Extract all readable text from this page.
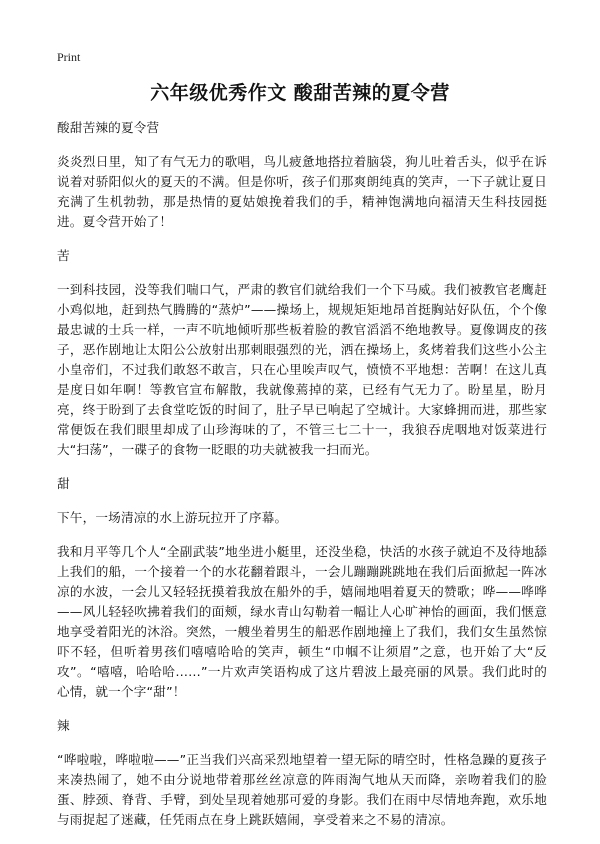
Print
六年级优秀作文 酸甜苦辣的夏令营

酸甜苦辣的夏令营

炎炎烈日里，知了有气无力的歌唱，鸟儿疲惫地搭拉着脑袋，狗儿吐着舌头，似乎在诉说着对骄阳似火的夏天的不满。但是你听，孩子们那爽朗纯真的笑声，一下子就让夏日充满了生机勃勃，那是热情的夏姑娘挽着我们的手，精神饱满地向福清天生科技园挺进。夏令营开始了！

苦

一到科技园，没等我们喘口气，严肃的教官们就给我们一个下马威。我们被教官老鹰赶小鸡似地，赶到热气腾腾的“蒸炉”——操场上，规规矩矩地昂首挺胸站好队伍，个个像最忠诚的士兵一样，一声不吭地倾听那些板着脸的教官滔滔不绝地教导。夏像调皮的孩子，恶作剧地让太阳公公放射出那刺眼强烈的光，洒在操场上，炙烤着我们这些小公主小皇帝们，不过我们敢怒不敢言，只在心里唉声叹气，愤愤不平地想：苦啊！在这儿真是度日如年啊！等教官宣布解散，我就像蔫掉的菜，已经有气无力了。盼星星，盼月亮，终于盼到了去食堂吃饭的时间了，肚子早已响起了空城计。大家蜂拥而进，那些家常便饭在我们眼里却成了山珍海味的了，不管三七二十一，我狼吞虎咽地对饭菜进行大“扫荡”，一碟子的食物一眨眼的功夫就被我一扫而光。

甜

下午，一场清凉的水上游玩拉开了序幕。

我和月平等几个人“全副武装”地坐进小艇里，还没坐稳，快活的水孩子就迫不及待地舔上我们的船，一个接着一个的水花翻着跟斗，一会儿蹦蹦跳跳地在我们后面掀起一阵冰凉的水波，一会儿又轻轻抚摸着我放在船外的手，嬉闹地唱着夏天的赞歌；哗——哗哗——风儿轻轻吹拂着我们的面颊，绿水青山勾勒着一幅让人心旷神怡的画面，我们惬意地享受着阳光的沐浴。突然，一艘坐着男生的船恶作剧地撞上了我们，我们女生虽然惊吓不轻，但听着男孩们嘻嘻哈哈的笑声，顿生“巾帼不让须眉”之意，也开始了大“反攻”。“嘻嘻，哈哈哈……”一片欢声笑语构成了这片碧波上最亮丽的风景。我们此时的心情，就一个字“甜”！

辣

“哗啦啦，哗啦啦——”正当我们兴高采烈地望着一望无际的晴空时，性格急躁的夏孩子来凑热闹了，她不由分说地带着那丝丝凉意的阵雨淘气地从天而降，亲吻着我们的脸蛋、脖颈、脊背、手臂，到处呈现着她那可爱的身影。我们在雨中尽情地奔跑，欢乐地与雨捉起了迷藏，任凭雨点在身上跳跃嬉闹，享受着来之不易的清凉。
